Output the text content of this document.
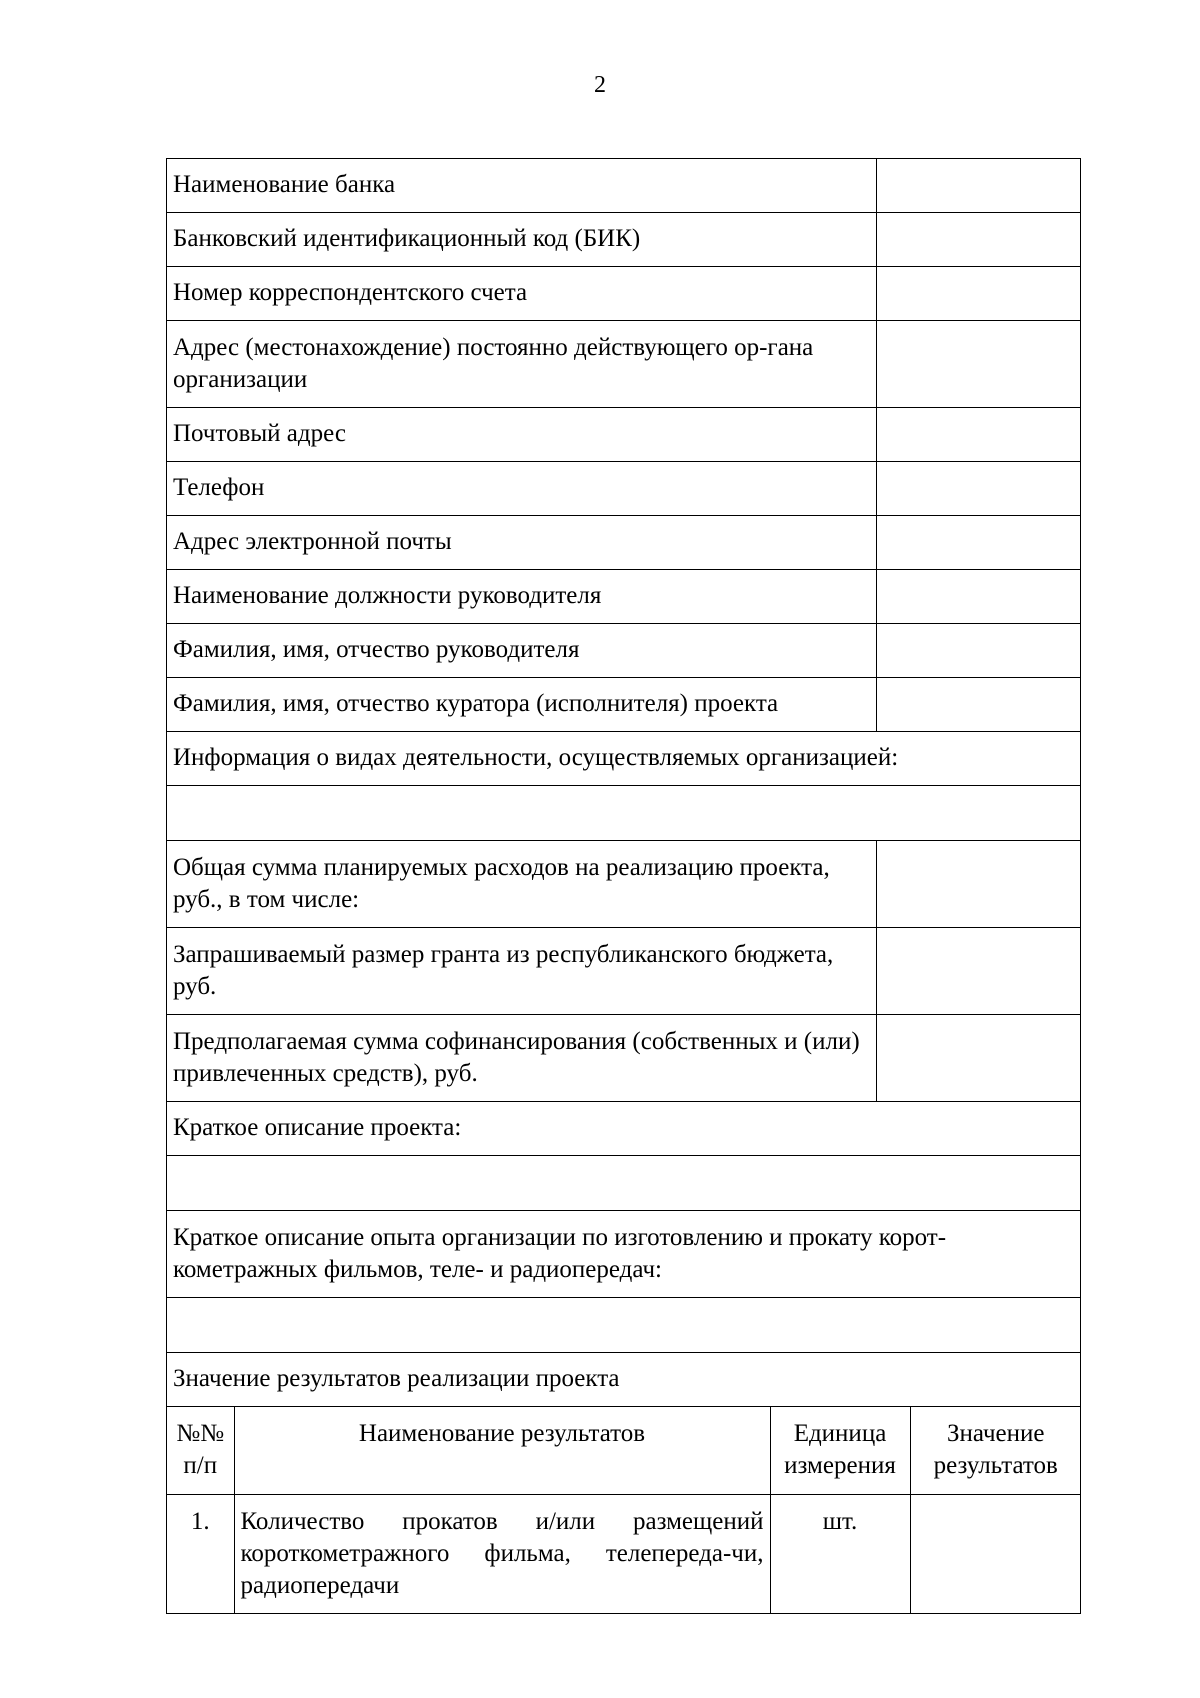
2
Наименование банка	
Банковский идентификационный код (БИК)	
Номер корреспондентского счета	
Адрес (местонахождение) постоянно действующего ор-гана организации	
Почтовый адрес	
Телефон	
Адрес электронной почты	
Наименование должности руководителя	
Фамилия, имя, отчество руководителя	
Фамилия, имя, отчество куратора (исполнителя) проекта	
Информация о видах деятельности, осуществляемых организацией:

Общая сумма планируемых расходов на реализацию проекта, руб., в том числе:	
Запрашиваемый размер гранта из республиканского бюджета, руб.	
Предполагаемая сумма софинансирования (собственных и (или) привлеченных средств), руб.	
Краткое описание проекта:

Краткое описание опыта организации по изготовлению и прокату корот-кометражных фильмов, теле- и радиопередач:

Значение результатов реализации проекта

№№ п/п	Наименование результатов	Единица измерения	Значение результатов
1.	Количество прокатов и/или размещений короткометражного фильма, телепереда-чи, радиопередачи	шт.	
